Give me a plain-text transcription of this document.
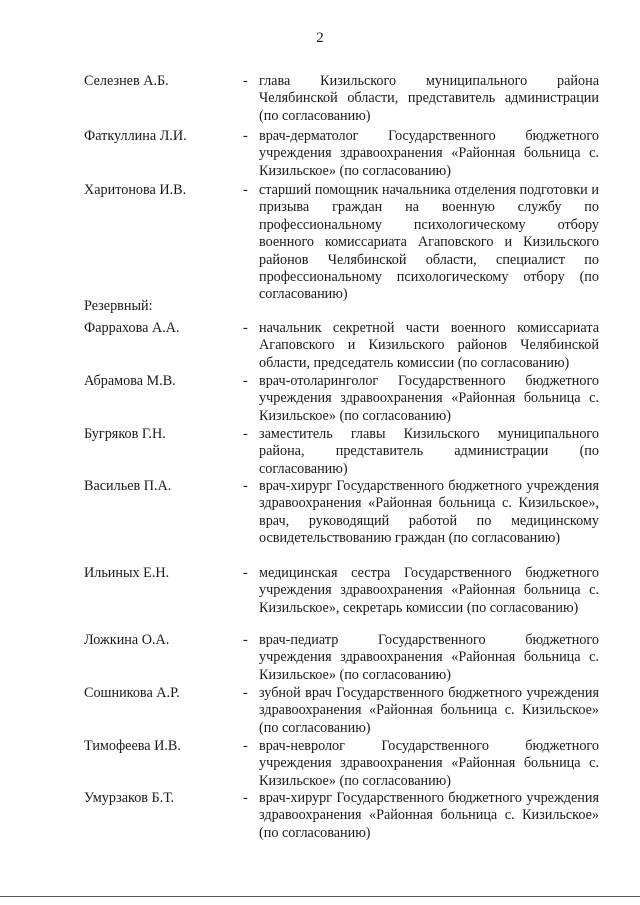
2
Селезнев А.Б.	- глава Кизильского муниципального района Челябинской области, представитель администрации (по согласованию)
Фаткуллина Л.И.	- врач-дерматолог Государственного бюджетного учреждения здравоохранения «Районная больница с. Кизильское» (по согласованию)
Харитонова И.В.	- старший помощник начальника отделения подготовки и призыва граждан на военную службу по профессиональному психологическому отбору военного комиссариата Агаповского и Кизильского районов Челябинской области, специалист по профессиональному психологическому отбору (по согласованию)
Резервный:
Фаррахова А.А.	- начальник секретной части военного комиссариата Агаповского и Кизильского районов Челябинской области, председатель комиссии (по согласованию)
Абрамова М.В.	- врач-отоларинголог Государственного бюджетного учреждения здравоохранения «Районная больница с. Кизильское» (по согласованию)
Бугряков Г.Н.	- заместитель главы Кизильского муниципального района, представитель администрации (по согласованию)
Васильев П.А.	- врач-хирург Государственного бюджетного учреждения здравоохранения «Районная больница с. Кизильское», врач, руководящий работой по медицинскому освидетельствованию граждан (по согласованию)
Ильиных Е.Н.	- медицинская сестра Государственного бюджетного учреждения здравоохранения «Районная больница с. Кизильское», секретарь комиссии (по согласованию)
Ложкина О.А.	- врач-педиатр Государственного бюджетного учреждения здравоохранения «Районная больница с. Кизильское» (по согласованию)
Сошникова А.Р.	- зубной врач Государственного бюджетного учреждения здравоохранения «Районная больница с. Кизильское» (по согласованию)
Тимофеева И.В.	- врач-невролог Государственного бюджетного учреждения здравоохранения «Районная больница с. Кизильское» (по согласованию)
Умурзаков Б.Т.	- врач-хирург Государственного бюджетного учреждения здравоохранения «Районная больница с. Кизильское» (по согласованию)
